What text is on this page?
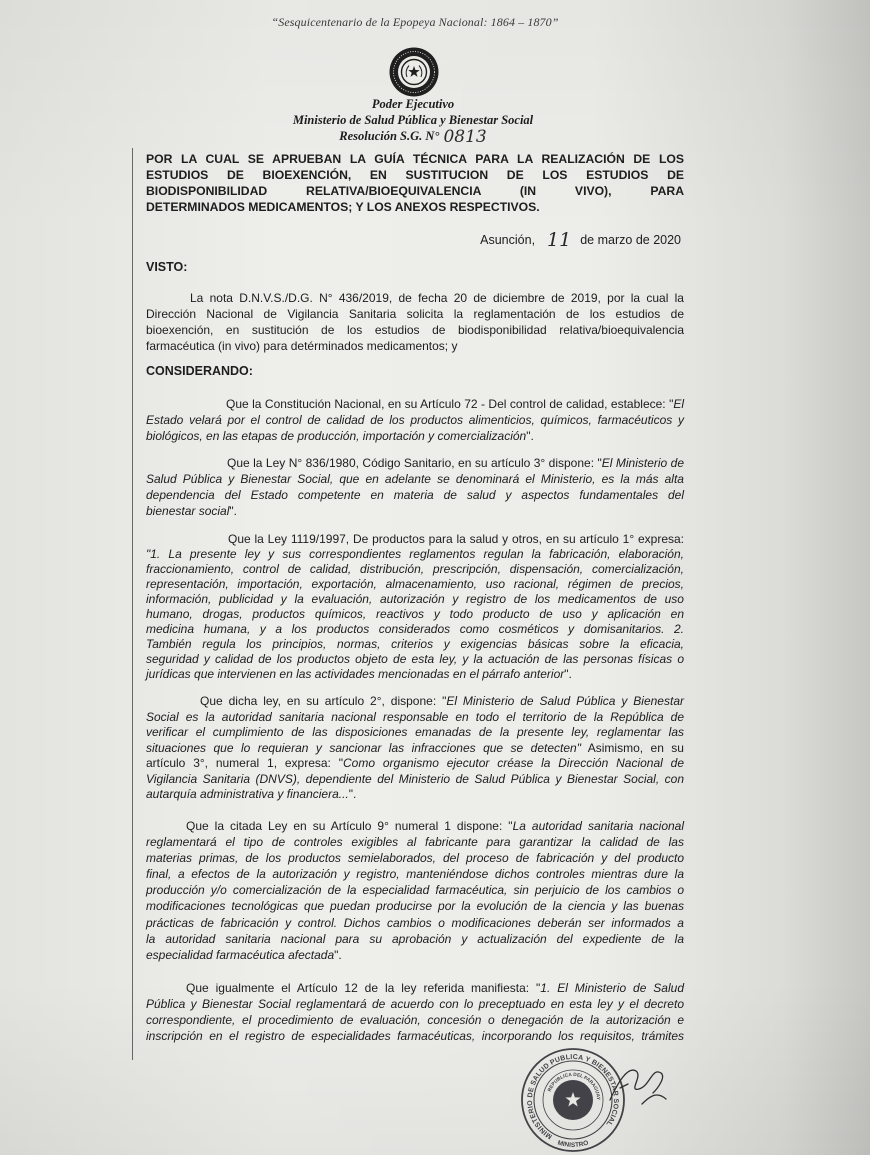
“Sesquicentenario de la Epopeya Nacional: 1864 – 1870”
Poder Ejecutivo
Ministerio de Salud Pública y Bienestar Social
Resolución S.G. N° 0813
POR LA CUAL SE APRUEBAN LA GUÍA TÉCNICA PARA LA REALIZACIÓN DE LOS
ESTUDIOS DE BIOEXENCIÓN, EN SUSTITUCION DE LOS ESTUDIOS DE
BIODISPONIBILIDAD RELATIVA/BIOEQUIVALENCIA (IN VIVO), PARA
DETERMINADOS MEDICAMENTOS; Y LOS ANEXOS RESPECTIVOS.
Asunción, 11 de marzo de 2020
VISTO:
La nota D.N.V.S./D.G. N° 436/2019, de fecha 20 de diciembre de 2019, por la cual la
Dirección Nacional de Vigilancia Sanitaria solicita la reglamentación de los estudios de
bioexención, en sustitución de los estudios de biodisponibilidad relativa/bioequivalencia
farmacéutica (in vivo) para detérminados medicamentos; y
CONSIDERANDO:
Que la Constitución Nacional, en su Artículo 72 - Del control de calidad, establece: "El
Estado velará por el control de calidad de los productos alimenticios, químicos, farmacéuticos y
biológicos, en las etapas de producción, importación y comercialización".
Que la Ley N° 836/1980, Código Sanitario, en su artículo 3° dispone: "El Ministerio de
Salud Pública y Bienestar Social, que en adelante se denominará el Ministerio, es la más alta
dependencia del Estado competente en materia de salud y aspectos fundamentales del
bienestar social".
Que la Ley 1119/1997, De productos para la salud y otros, en su artículo 1° expresa:
"1. La presente ley y sus correspondientes reglamentos regulan la fabricación, elaboración,
fraccionamiento, control de calidad, distribución, prescripción, dispensación, comercialización,
representación, importación, exportación, almacenamiento, uso racional, régimen de precios,
información, publicidad y la evaluación, autorización y registro de los medicamentos de uso
humano, drogas, productos químicos, reactivos y todo producto de uso y aplicación en
medicina humana, y a los productos considerados como cosméticos y domisanitarios. 2.
También regula los principios, normas, criterios y exigencias básicas sobre la eficacia,
seguridad y calidad de los productos objeto de esta ley, y la actuación de las personas físicas o
jurídicas que intervienen en las actividades mencionadas en el párrafo anterior".
Que dicha ley, en su artículo 2°, dispone: "El Ministerio de Salud Pública y Bienestar
Social es la autoridad sanitaria nacional responsable en todo el territorio de la República de
verificar el cumplimiento de las disposiciones emanadas de la presente ley, reglamentar las
situaciones que lo requieran y sancionar las infracciones que se detecten" Asimismo, en su
artículo 3°, numeral 1, expresa: "Como organismo ejecutor créase la Dirección Nacional de
Vigilancia Sanitaria (DNVS), dependiente del Ministerio de Salud Pública y Bienestar Social, con
autarquía administrativa y financiera...".
Que la citada Ley en su Artículo 9° numeral 1 dispone: "La autoridad sanitaria nacional
reglamentará el tipo de controles exigibles al fabricante para garantizar la calidad de las
materias primas, de los productos semielaborados, del proceso de fabricación y del producto
final, a efectos de la autorización y registro, manteniéndose dichos controles mientras dure la
producción y/o comercialización de la especialidad farmacéutica, sin perjuicio de los cambios o
modificaciones tecnológicas que puedan producirse por la evolución de la ciencia y las buenas
prácticas de fabricación y control. Dichos cambios o modificaciones deberán ser informados a
la autoridad sanitaria nacional para su aprobación y actualización del expediente de la
especialidad farmacéutica afectada".
Que igualmente el Artículo 12 de la ley referida manifiesta: "1. El Ministerio de Salud
Pública y Bienestar Social reglamentará de acuerdo con lo preceptuado en esta ley y el decreto
correspondiente, el procedimiento de evaluación, concesión o denegación de la autorización e
inscripción en el registro de especialidades farmacéuticas, incorporando los requisitos, trámites
MINISTERIO DE SALUD PUBLICA Y BIENESTAR SOCIAL
REPUBLICA DEL PARAGUAY
MINISTRO
